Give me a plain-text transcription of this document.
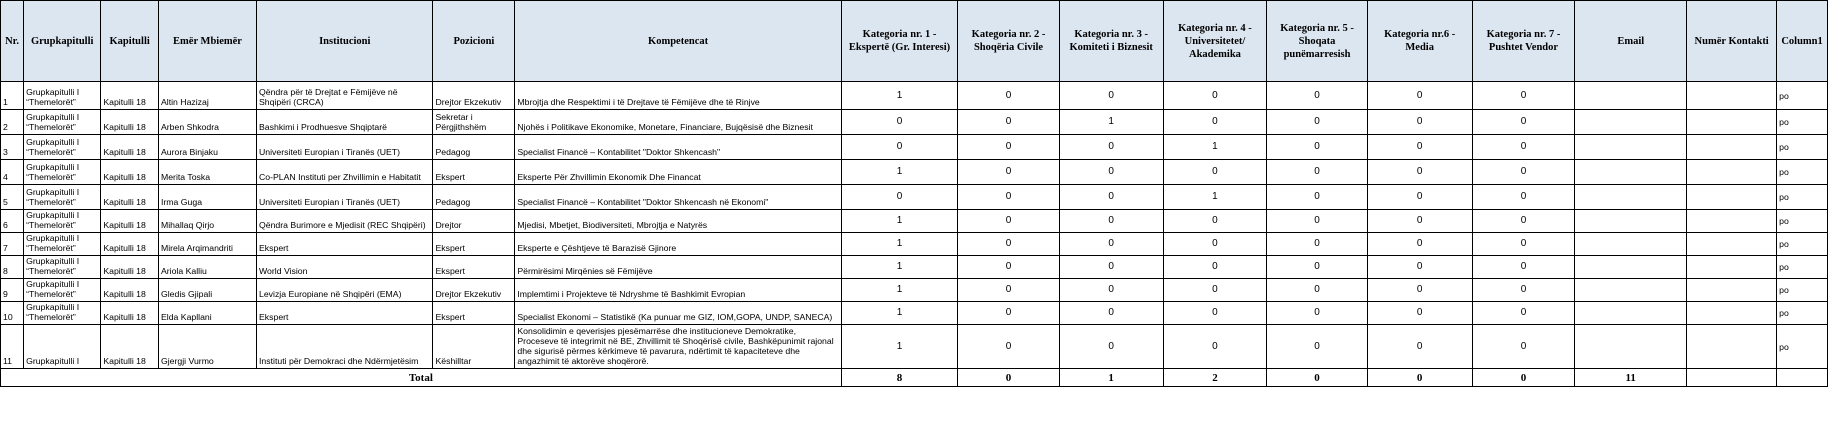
Nr.	Grupkapitulli	Kapitulli	Emër Mbiemër	Institucioni	Pozicioni	Kompetencat	Kategoria nr. 1 - Ekspertë (Gr. Interesi)	Kategoria nr. 2 - Shoqëria Civile	Kategoria nr. 3 - Komiteti i Biznesit	Kategoria nr. 4 - Universitetet/ Akademika	Kategoria nr. 5 - Shoqata punëmarresish	Kategoria nr.6 - Media	Kategoria nr. 7 - Pushtet Vendor	Email	Numër Kontakti	Column1
1	Grupkapitulli I “Themelorët”	Kapitulli 18	Altin Hazizaj	Qëndra për të Drejtat e Fëmijëve në Shqipëri (CRCA)	Drejtor Ekzekutiv	Mbrojtja dhe Respektimi i të Drejtave të Fëmijëve dhe të Rinjve	1	0	0	0	0	0	0			po
2	Grupkapitulli I “Themelorët”	Kapitulli 18	Arben Shkodra	Bashkimi i Prodhuesve Shqiptarë	Sekretar i Përgjithshëm	Njohës i Politikave Ekonomike, Monetare, Financiare, Bujqësisë dhe Biznesit	0	0	1	0	0	0	0			po
3	Grupkapitulli I “Themelorët”	Kapitulli 18	Aurora Binjaku	Universiteti Europian i Tiranës (UET)	Pedagog	Specialist Financë – Kontabilitet "Doktor Shkencash"	0	0	0	1	0	0	0			po
4	Grupkapitulli I “Themelorët”	Kapitulli 18	Merita Toska	Co-PLAN Instituti per Zhvillimin e Habitatit	Ekspert	Eksperte Për Zhvillimin Ekonomik Dhe Financat	1	0	0	0	0	0	0			po
5	Grupkapitulli I “Themelorët”	Kapitulli 18	Irma Guga	Universiteti Europian i Tiranës (UET)	Pedagog	Specialist Financë – Kontabilitet "Doktor Shkencash në Ekonomi"	0	0	0	1	0	0	0			po
6	Grupkapitulli I “Themelorët”	Kapitulli 18	Mihallaq Qirjo	Qëndra Burimore e Mjedisit (REC Shqipëri)	Drejtor	Mjedisi, Mbetjet, Biodiversiteti, Mbrojtja e Natyrës	1	0	0	0	0	0	0			po
7	Grupkapitulli I “Themelorët”	Kapitulli 18	Mirela Arqimandriti	Ekspert	Ekspert	Eksperte e Çështjeve të Barazisë Gjinore	1	0	0	0	0	0	0			po
8	Grupkapitulli I “Themelorët”	Kapitulli 18	Ariola Kalliu	World Vision	Ekspert	Përmirësimi Mirqënies së Fëmijëve	1	0	0	0	0	0	0			po
9	Grupkapitulli I “Themelorët”	Kapitulli 18	Gledis Gjipali	Levizja Europiane në Shqipëri (EMA)	Drejtor Ekzekutiv	Implemtimi i Projekteve të Ndryshme të Bashkimit Evropian	1	0	0	0	0	0	0			po
10	Grupkapitulli I “Themelorët”	Kapitulli 18	Elda Kapllani	Ekspert	Ekspert	Specialist Ekonomi – Statistikë (Ka punuar me GIZ, IOM,GOPA, UNDP, SANECA)	1	0	0	0	0	0	0			po
11	Grupkapitulli I	Kapitulli 18	Gjergji Vurmo	Instituti për Demokraci dhe Ndërmjetësim	Këshilltar	Konsolidimin e qeverisjes pjesëmarrëse dhe institucioneve Demokratike, Proceseve të integrimit në BE, Zhvillimit të Shoqërisë civile, Bashkëpunimit rajonal dhe sigurisë përmes kërkimeve të pavarura, ndërtimit të kapaciteteve dhe angazhimit të aktorëve shoqërorë.	1	0	0	0	0	0	0			po
Total							8	0	1	2	0	0	0	11		
